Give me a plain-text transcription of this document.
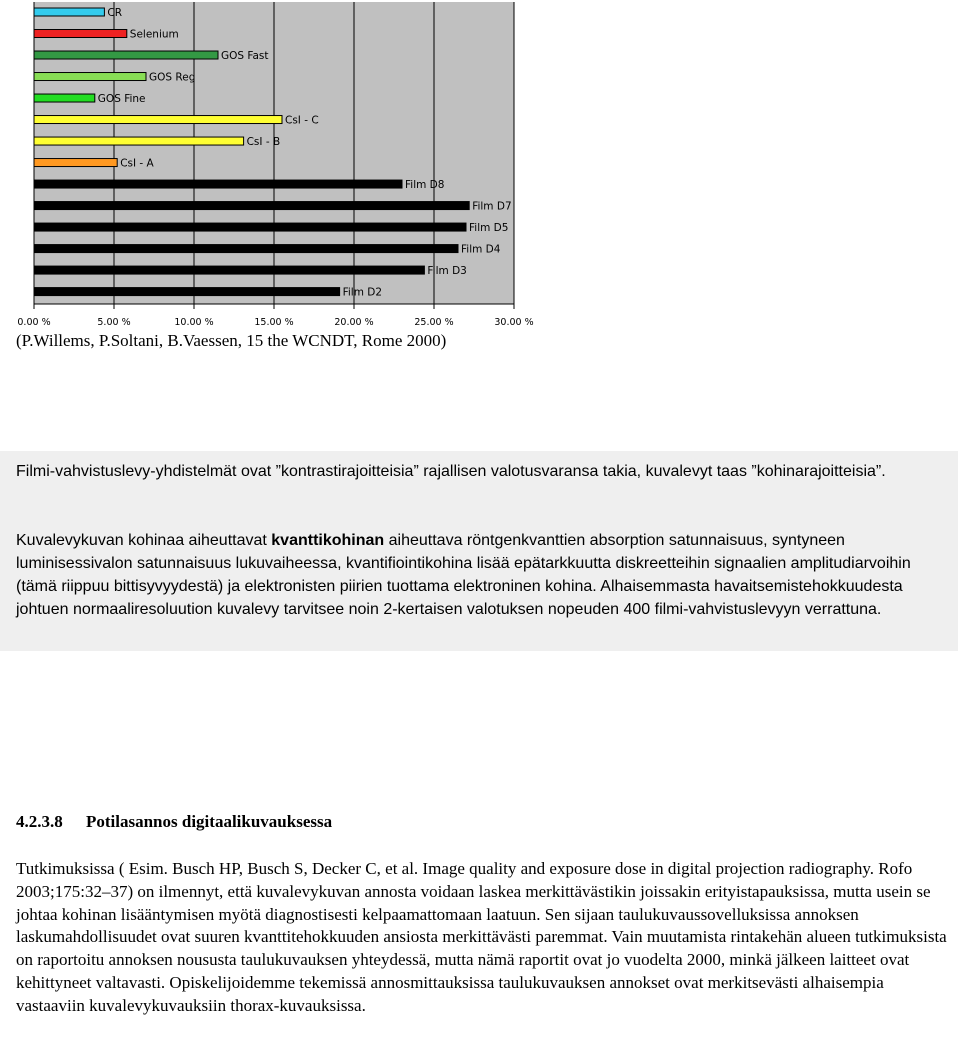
0.00 %	5.00 %	10.00 %	15.00 %	20.00 %	25.00 %	30.00 %
CR
Selenium
GOS Fast
GOS Reg
GOS Fine
CsI - C
CsI - B
CsI - A
Film D8
Film D7
Film D5
Film D4
Film D3
Film D2
(P.Willems, P.Soltani, B.Vaessen, 15 the WCNDT, Rome 2000)

Filmi-vahvistuslevy-yhdistelmät ovat ”kontrastirajoitteisia” rajallisen valotusvaransa takia, kuvalevyt taas ”kohinarajoitteisia”.

Kuvalevykuvan kohinaa aiheuttavat kvanttikohinan aiheuttava röntgenkvanttien absorption satunnaisuus, syntyneen luminisessivalon satunnaisuus lukuvaiheessa, kvantifiointikohina lisää epätarkkuutta diskreetteihin signaalien amplitudiarvoihin (tämä riippuu bittisyvyydestä) ja elektronisten piirien tuottama elektroninen kohina. Alhaisemmasta havaitsemistehokkuudesta johtuen normaaliresoluution kuvalevy tarvitsee noin 2-kertaisen valotuksen nopeuden 400 filmi-vahvistuslevyyn verrattuna.

4.2.3.8 Potilasannos digitaalikuvauksessa

Tutkimuksissa ( Esim. Busch HP, Busch S, Decker C, et al. Image quality and exposure dose in digital projection radiography. Rofo 2003;175:32–37) on ilmennyt, että kuvalevykuvan annosta voidaan laskea merkittävästikin joissakin erityistapauksissa, mutta usein se johtaa kohinan lisääntymisen myötä diagnostisesti kelpaamattomaan laatuun. Sen sijaan taulukuvaussovelluksissa annoksen laskumahdollisuudet ovat suuren kvanttitehokkuuden ansiosta merkittävästi paremmat. Vain muutamista rintakehän alueen tutkimuksista on raportoitu annoksen noususta taulukuvauksen yhteydessä, mutta nämä raportit ovat jo vuodelta 2000, minkä jälkeen laitteet ovat kehittyneet valtavasti. Opiskelijoidemme tekemissä annosmittauksissa taulukuvauksen annokset ovat merkitsevästi alhaisempia vastaaviin kuvalevykuvauksiin thorax-kuvauksissa.
